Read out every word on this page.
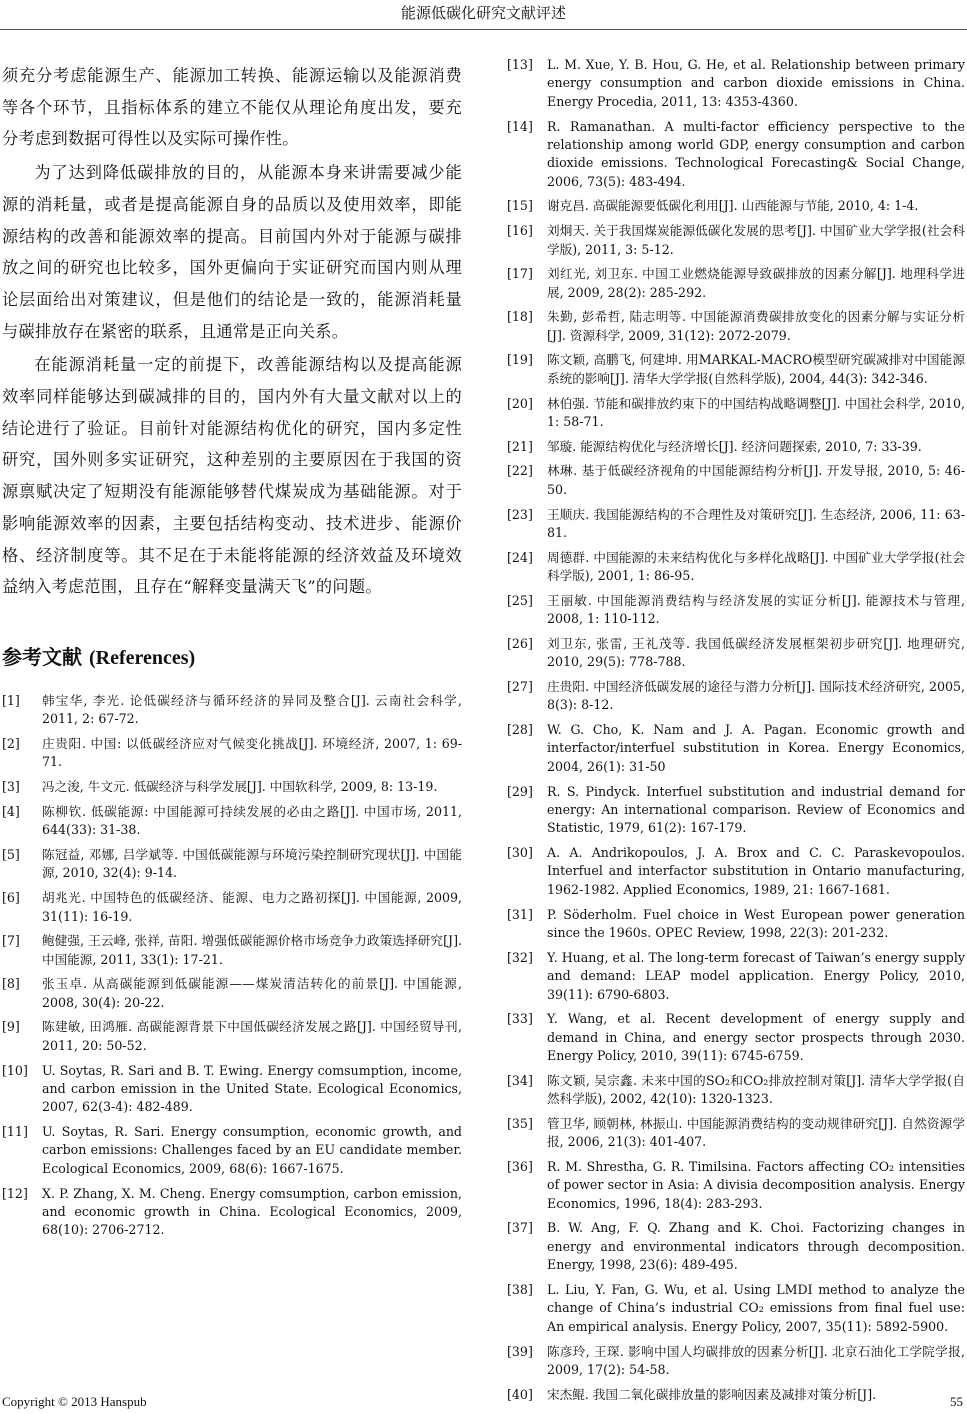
能源低碳化研究文献评述

须充分考虑能源生产、能源加工转换、能源运输以及能源消费等各个环节，且指标体系的建立不能仅从理论角度出发，要充分考虑到数据可得性以及实际可操作性。

为了达到降低碳排放的目的，从能源本身来讲需要减少能源的消耗量，或者是提高能源自身的品质以及使用效率，即能源结构的改善和能源效率的提高。目前国内外对于能源与碳排放之间的研究也比较多，国外更偏向于实证研究而国内则从理论层面给出对策建议，但是他们的结论是一致的，能源消耗量与碳排放存在紧密的联系，且通常是正向关系。

在能源消耗量一定的前提下，改善能源结构以及提高能源效率同样能够达到碳减排的目的，国内外有大量文献对以上的结论进行了验证。目前针对能源结构优化的研究，国内多定性研究，国外则多实证研究，这种差别的主要原因在于我国的资源禀赋决定了短期没有能源能够替代煤炭成为基础能源。对于影响能源效率的因素，主要包括结构变动、技术进步、能源价格、经济制度等。其不足在于未能将能源的经济效益及环境效益纳入考虑范围，且存在“解释变量满天飞”的问题。

参考文献 (References)
[1]	韩宝华, 李光. 论低碳经济与循环经济的异同及整合[J]. 云南社会科学, 2011, 2: 67-72.
[2]	庄贵阳. 中国: 以低碳经济应对气候变化挑战[J]. 环境经济, 2007, 1: 69-71.
[3]	冯之浚, 牛文元. 低碳经济与科学发展[J]. 中国软科学, 2009, 8: 13-19.
[4]	陈柳钦. 低碳能源: 中国能源可持续发展的必由之路[J]. 中国市场, 2011, 644(33): 31-38.
[5]	陈冠益, 邓娜, 吕学斌等. 中国低碳能源与环境污染控制研究现状[J]. 中国能源, 2010, 32(4): 9-14.
[6]	胡兆光. 中国特色的低碳经济、能源、电力之路初探[J]. 中国能源, 2009, 31(11): 16-19.
[7]	鲍健强, 王云峰, 张祥, 苗阳. 增强低碳能源价格市场竞争力政策选择研究[J]. 中国能源, 2011, 33(1): 17-21.
[8]	张玉卓. 从高碳能源到低碳能源——煤炭清洁转化的前景[J]. 中国能源, 2008, 30(4): 20-22.
[9]	陈建敏, 田鸿雁. 高碳能源背景下中国低碳经济发展之路[J]. 中国经贸导刊, 2011, 20: 50-52.
[10]	U. Soytas, R. Sari and B. T. Ewing. Energy comsumption, income, and carbon emission in the United State. Ecological Economics, 2007, 62(3-4): 482-489.
[11]	U. Soytas, R. Sari. Energy consumption, economic growth, and carbon emissions: Challenges faced by an EU candidate member. Ecological Economics, 2009, 68(6): 1667-1675.
[12]	X. P. Zhang, X. M. Cheng. Energy comsumption, carbon emission, and economic growth in China. Ecological Economics, 2009, 68(10): 2706-2712.
[13]	L. M. Xue, Y. B. Hou, G. He, et al. Relationship between primary energy consumption and carbon dioxide emissions in China. Energy Procedia, 2011, 13: 4353-4360.
[14]	R. Ramanathan. A multi-factor efficiency perspective to the relationship among world GDP, energy consumption and carbon dioxide emissions. Technological Forecasting& Social Change, 2006, 73(5): 483-494.
[15]	谢克昌. 高碳能源要低碳化利用[J]. 山西能源与节能, 2010, 4: 1-4.
[16]	刘炯天. 关于我国煤炭能源低碳化发展的思考[J]. 中国矿业大学学报(社会科学版), 2011, 3: 5-12.
[17]	刘红光, 刘卫东. 中国工业燃烧能源导致碳排放的因素分解[J]. 地理科学进展, 2009, 28(2): 285-292.
[18]	朱勤, 彭希哲, 陆志明等. 中国能源消费碳排放变化的因素分解与实证分析[J]. 资源科学, 2009, 31(12): 2072-2079.
[19]	陈文颖, 高鹏飞, 何建坤. 用MARKAL-MACRO模型研究碳减排对中国能源系统的影响[J]. 清华大学学报(自然科学版), 2004, 44(3): 342-346.
[20]	林伯强. 节能和碳排放约束下的中国结构战略调整[J]. 中国社会科学, 2010, 1: 58-71.
[21]	邹璇. 能源结构优化与经济增长[J]. 经济问题探索, 2010, 7: 33-39.
[22]	林琳. 基于低碳经济视角的中国能源结构分析[J]. 开发导报, 2010, 5: 46-50.
[23]	王顺庆. 我国能源结构的不合理性及对策研究[J]. 生态经济, 2006, 11: 63-81.
[24]	周德群. 中国能源的未来结构优化与多样化战略[J]. 中国矿业大学学报(社会科学版), 2001, 1: 86-95.
[25]	王丽敏. 中国能源消费结构与经济发展的实证分析[J]. 能源技术与管理, 2008, 1: 110-112.
[26]	刘卫东, 张雷, 王礼茂等. 我国低碳经济发展框架初步研究[J]. 地理研究, 2010, 29(5): 778-788.
[27]	庄贵阳. 中国经济低碳发展的途径与潜力分析[J]. 国际技术经济研究, 2005, 8(3): 8-12.
[28]	W. G. Cho, K. Nam and J. A. Pagan. Economic growth and interfactor/interfuel substitution in Korea. Energy Economics, 2004, 26(1): 31-50
[29]	R. S. Pindyck. Interfuel substitution and industrial demand for energy: An international comparison. Review of Economics and Statistic, 1979, 61(2): 167-179.
[30]	A. A. Andrikopoulos, J. A. Brox and C. C. Paraskevopoulos. Interfuel and interfactor substitution in Ontario manufacturing, 1962-1982. Applied Economics, 1989, 21: 1667-1681.
[31]	P. Söderholm. Fuel choice in West European power generation since the 1960s. OPEC Review, 1998, 22(3): 201-232.
[32]	Y. Huang, et al. The long-term forecast of Taiwan’s energy supply and demand: LEAP model application. Energy Policy, 2010, 39(11): 6790-6803.
[33]	Y. Wang, et al. Recent development of energy supply and demand in China, and energy sector prospects through 2030. Energy Policy, 2010, 39(11): 6745-6759.
[34]	陈文颖, 吴宗鑫. 未来中国的SO₂和CO₂排放控制对策[J]. 清华大学学报(自然科学版), 2002, 42(10): 1320-1323.
[35]	管卫华, 顾朝林, 林振山. 中国能源消费结构的变动规律研究[J]. 自然资源学报, 2006, 21(3): 401-407.
[36]	R. M. Shrestha, G. R. Timilsina. Factors affecting CO₂ intensities of power sector in Asia: A divisia decomposition analysis. Energy Economics, 1996, 18(4): 283-293.
[37]	B. W. Ang, F. Q. Zhang and K. Choi. Factorizing changes in energy and environmental indicators through decomposition. Energy, 1998, 23(6): 489-495.
[38]	L. Liu, Y. Fan, G. Wu, et al. Using LMDI method to analyze the change of China’s industrial CO₂ emissions from final fuel use: An empirical analysis. Energy Policy, 2007, 35(11): 5892-5900.
[39]	陈彦玲, 王琛. 影响中国人均碳排放的因素分析[J]. 北京石油化工学院学报, 2009, 17(2): 54-58.
[40]	宋杰鲲. 我国二氧化碳排放量的影响因素及减排对策分析[J].
Copyright © 2013 Hanspub	55
